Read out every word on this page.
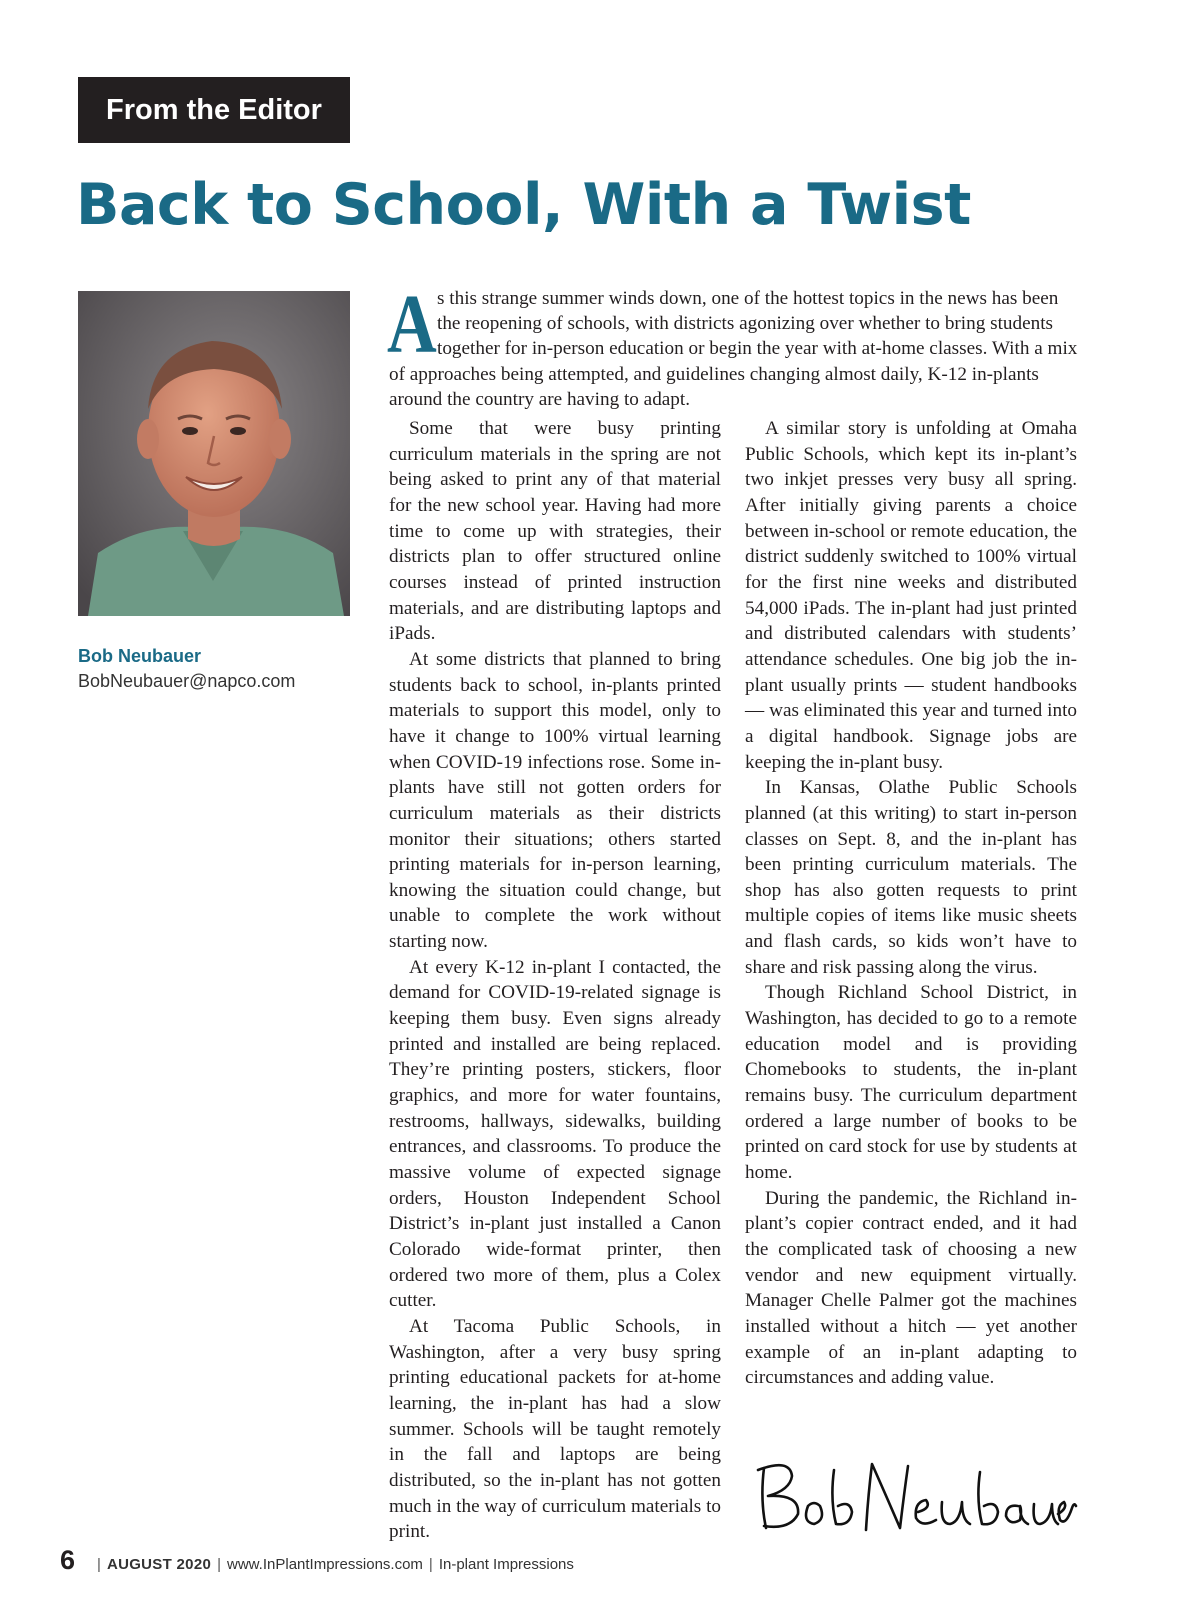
From the Editor
Back to School, With a Twist
Bob Neubauer
BobNeubauer@napco.com

As this strange summer winds down, one of the hottest topics in the news has been the reopening of schools, with districts agonizing over whether to bring students together for in-person education or begin the year with at-home classes. With a mix of approaches being attempted, and guidelines changing almost daily, K-12 in-plants around the country are having to adapt.

Some that were busy printing curriculum materials in the spring are not being asked to print any of that material for the new school year. Having had more time to come up with strategies, their districts plan to offer structured online courses instead of printed instruction materials, and are distributing laptops and iPads.

At some districts that planned to bring students back to school, in-plants printed materials to support this model, only to have it change to 100% virtual learning when COVID-19 infections rose. Some in-plants have still not gotten orders for curriculum materials as their districts monitor their situations; others started printing materials for in-person learning, knowing the situation could change, but unable to complete the work without starting now.

At every K-12 in-plant I contacted, the demand for COVID-19-related signage is keeping them busy. Even signs already printed and installed are being replaced. They’re printing posters, stickers, floor graphics, and more for water fountains, restrooms, hallways, sidewalks, building entrances, and classrooms. To produce the massive volume of expected signage orders, Houston Independent School District’s in-plant just installed a Canon Colorado wide-format printer, then ordered two more of them, plus a Colex cutter.

At Tacoma Public Schools, in Washington, after a very busy spring printing educational packets for at-home learning, the in-plant has had a slow summer. Schools will be taught remotely in the fall and laptops are being distributed, so the in-plant has not gotten much in the way of curriculum materials to print.

A similar story is unfolding at Omaha Public Schools, which kept its in-plant’s two inkjet presses very busy all spring. After initially giving parents a choice between in-school or remote education, the district suddenly switched to 100% virtual for the first nine weeks and distributed 54,000 iPads. The in-plant had just printed and distributed calendars with students’ attendance schedules. One big job the in-plant usually prints — student handbooks — was eliminated this year and turned into a digital handbook. Signage jobs are keeping the in-plant busy.

In Kansas, Olathe Public Schools planned (at this writing) to start in-person classes on Sept. 8, and the in-plant has been printing curriculum materials. The shop has also gotten requests to print multiple copies of items like music sheets and flash cards, so kids won’t have to share and risk passing along the virus.

Though Richland School District, in Washington, has decided to go to a remote education model and is providing Chomebooks to students, the in-plant remains busy. The curriculum department ordered a large number of books to be printed on card stock for use by students at home.

During the pandemic, the Richland in-plant’s copier contract ended, and it had the complicated task of choosing a new vendor and new equipment virtually. Manager Chelle Palmer got the machines installed without a hitch — yet another example of an in-plant adapting to circumstances and adding value.

6 | AUGUST 2020 | www.InPlantImpressions.com | In-plant Impressions
